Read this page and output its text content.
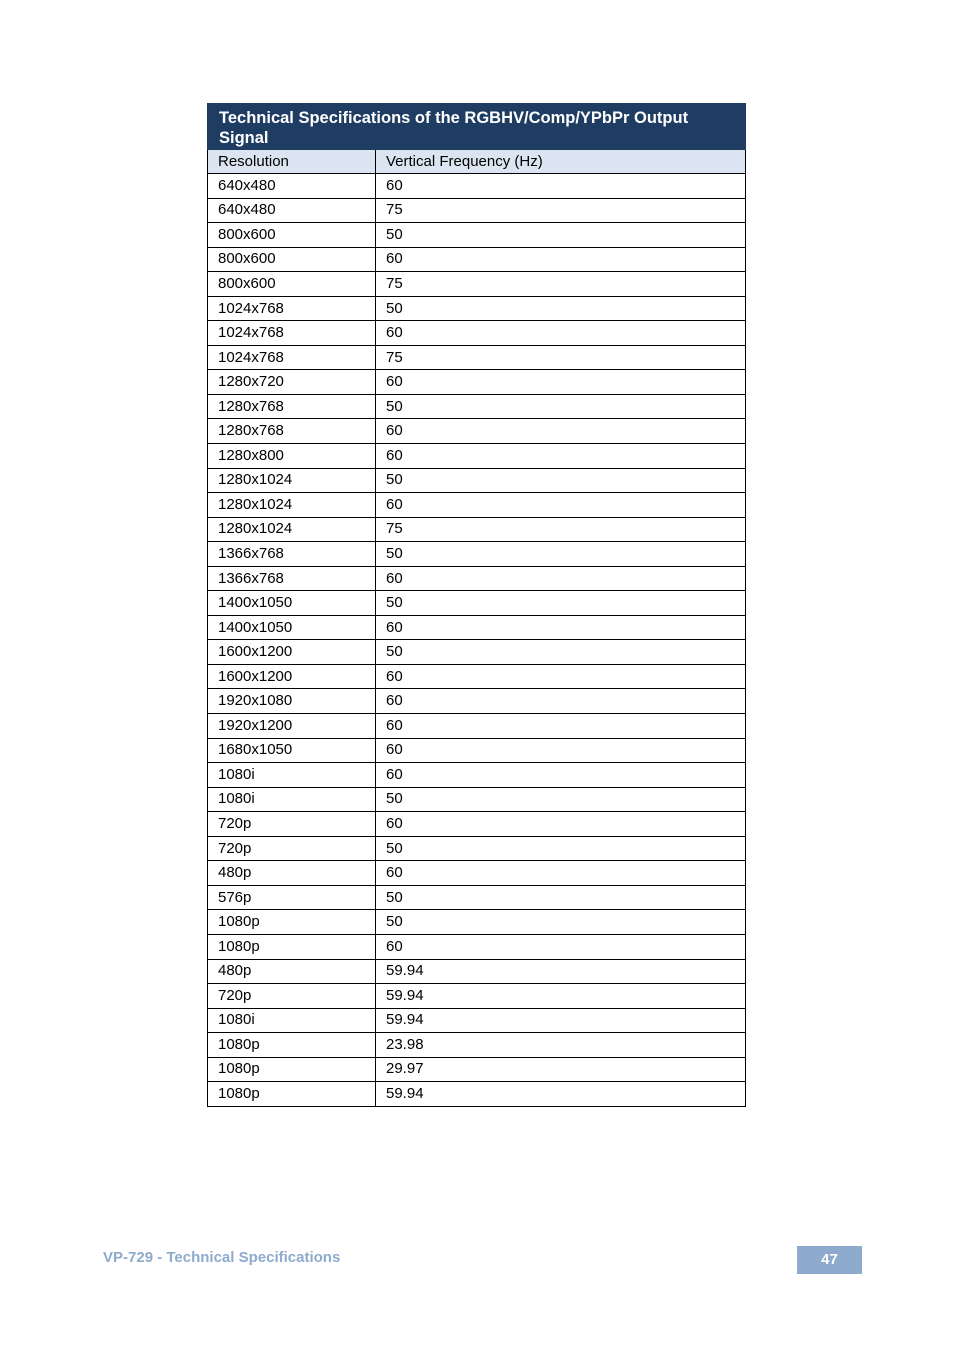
Technical Specifications of the RGBHV/Comp/YPbPr Output Signal	
Resolution	Vertical Frequency (Hz)
640x480	60
640x480	75
800x600	50
800x600	60
800x600	75
1024x768	50
1024x768	60
1024x768	75
1280x720	60
1280x768	50
1280x768	60
1280x800	60
1280x1024	50
1280x1024	60
1280x1024	75
1366x768	50
1366x768	60
1400x1050	50
1400x1050	60
1600x1200	50
1600x1200	60
1920x1080	60
1920x1200	60
1680x1050	60
1080i	60
1080i	50
720p	60
720p	50
480p	60
576p	50
1080p	50
1080p	60
480p	59.94
720p	59.94
1080i	59.94
1080p	23.98
1080p	29.97
1080p	59.94
VP-729 - Technical Specifications	47
